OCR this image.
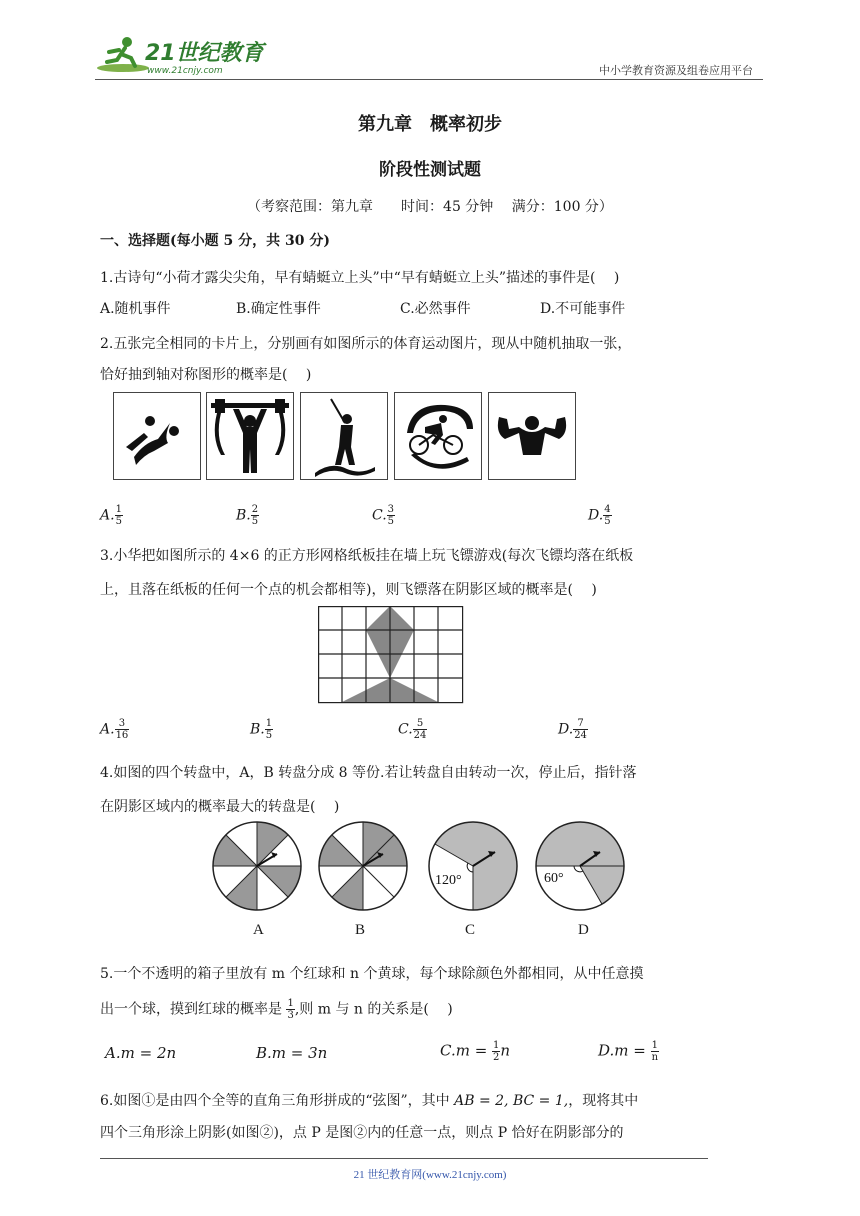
21世纪教育
www.21cnjy.com	中小学教育资源及组卷应用平台
第九章　概率初步
阶段性测试题
（考察范围：第九章　　时间：45 分钟　 满分：100 分）
一、选择题(每小题 5 分，共 30 分)
1.古诗句“小荷才露尖尖角，早有蜻蜓立上头”中“早有蜻蜓立上头”描述的事件是(　 )
A.随机事件	B.确定性事件	C.必然事件	D.不可能事件
2.五张完全相同的卡片上，分别画有如图所示的体育运动图片，现从中随机抽取一张，
恰好抽到轴对称图形的概率是(　 )
A. $\frac{1}{5}$	B. $\frac{2}{5}$	C. $\frac{3}{5}$	D. $\frac{4}{5}$
3.小华把如图所示的 4×6 的正方形网格纸板挂在墙上玩飞镖游戏(每次飞镖均落在纸板
上，且落在纸板的任何一个点的机会都相等)，则飞镖落在阴影区域的概率是(　 )
A. $\frac{3}{16}$	B. $\frac{1}{5}$	C. $\frac{5}{24}$	D. $\frac{7}{24}$
4.如图的四个转盘中，A，B 转盘分成 8 等份.若让转盘自由转动一次，停止后，指针落
在阴影区域内的概率最大的转盘是(　 )
120°	60°
A	B	C	D
5.一个不透明的箱子里放有 m 个红球和 n 个黄球，每个球除颜色外都相同，从中任意摸
出一个球，摸到红球的概率是 $\frac{1}{3}$ ,则 m 与 n 的关系是(　 )
A.m = 2n	B.m = 3n	$C.m = \frac{1}{2}$ n	$D.m = \frac{1}{n}$
6.如图①是由四个全等的直角三角形拼成的“弦图”，其中 AB = 2, BC = 1,，现将其中
四个三角形涂上阴影(如图②)，点 P 是图②内的任意一点，则点 P 恰好在阴影部分的
21 世纪教育网(www.21cnjy.com)
